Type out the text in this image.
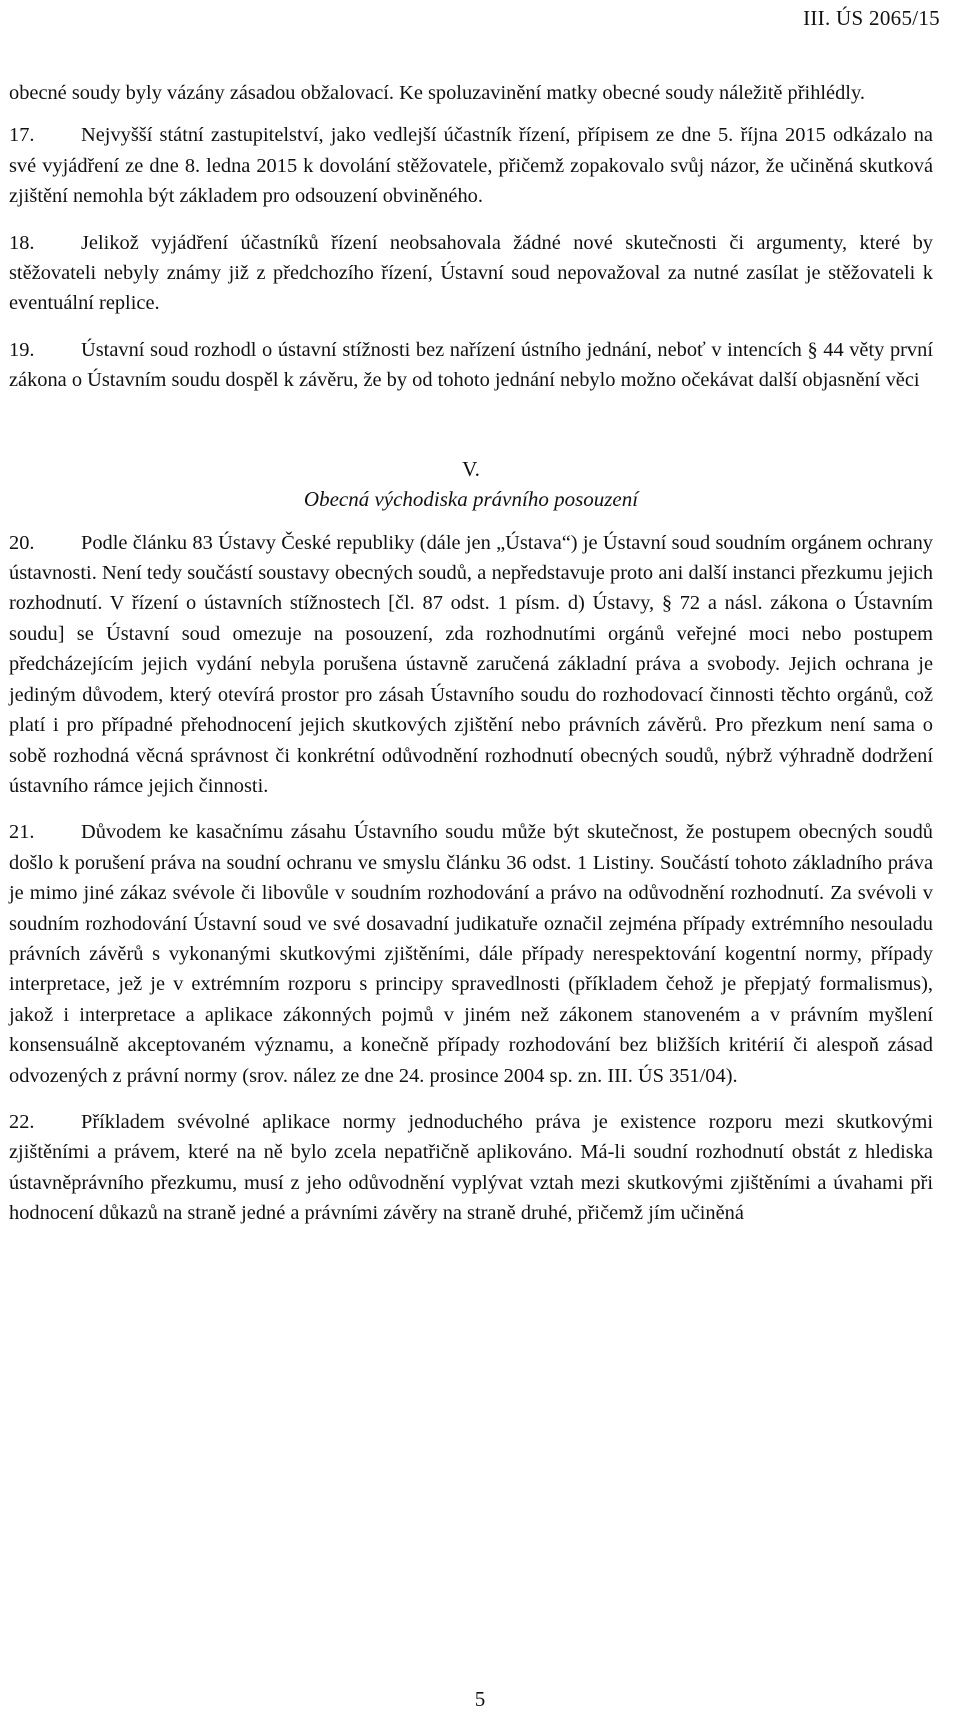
III. ÚS 2065/15

obecné soudy byly vázány zásadou obžalovací. Ke spoluzavinění matky obecné soudy náležitě přihlédly.

17. Nejvyšší státní zastupitelství, jako vedlejší účastník řízení, přípisem ze dne 5. října 2015 odkázalo na své vyjádření ze dne 8. ledna 2015 k dovolání stěžovatele, přičemž zopakovalo svůj názor, že učiněná skutková zjištění nemohla být základem pro odsouzení obviněného.

18. Jelikož vyjádření účastníků řízení neobsahovala žádné nové skutečnosti či argumenty, které by stěžovateli nebyly známy již z předchozího řízení, Ústavní soud nepovažoval za nutné zasílat je stěžovateli k eventuální replice.

19. Ústavní soud rozhodl o ústavní stížnosti bez nařízení ústního jednání, neboť v intencích § 44 věty první zákona o Ústavním soudu dospěl k závěru, že by od tohoto jednání nebylo možno očekávat další objasnění věci

V.
Obecná východiska právního posouzení

20. Podle článku 83 Ústavy České republiky (dále jen „Ústava“) je Ústavní soud soudním orgánem ochrany ústavnosti. Není tedy součástí soustavy obecných soudů, a nepředstavuje proto ani další instanci přezkumu jejich rozhodnutí. V řízení o ústavních stížnostech [čl. 87 odst. 1 písm. d) Ústavy, § 72 a násl. zákona o Ústavním soudu] se Ústavní soud omezuje na posouzení, zda rozhodnutími orgánů veřejné moci nebo postupem předcházejícím jejich vydání nebyla porušena ústavně zaručená základní práva a svobody. Jejich ochrana je jediným důvodem, který otevírá prostor pro zásah Ústavního soudu do rozhodovací činnosti těchto orgánů, což platí i pro případné přehodnocení jejich skutkových zjištění nebo právních závěrů. Pro přezkum není sama o sobě rozhodná věcná správnost či konkrétní odůvodnění rozhodnutí obecných soudů, nýbrž výhradně dodržení ústavního rámce jejich činnosti.

21. Důvodem ke kasačnímu zásahu Ústavního soudu může být skutečnost, že postupem obecných soudů došlo k porušení práva na soudní ochranu ve smyslu článku 36 odst. 1 Listiny. Součástí tohoto základního práva je mimo jiné zákaz svévole či libovůle v soudním rozhodování a právo na odůvodnění rozhodnutí. Za svévoli v soudním rozhodování Ústavní soud ve své dosavadní judikatuře označil zejména případy extrémního nesouladu právních závěrů s vykonanými skutkovými zjištěními, dále případy nerespektování kogentní normy, případy interpretace, jež je v extrémním rozporu s principy spravedlnosti (příkladem čehož je přepjatý formalismus), jakož i interpretace a aplikace zákonných pojmů v jiném než zákonem stanoveném a v právním myšlení konsensuálně akceptovaném významu, a konečně případy rozhodování bez bližších kritérií či alespoň zásad odvozených z právní normy (srov. nález ze dne 24. prosince 2004 sp. zn. III. ÚS 351/04).

22. Příkladem svévolné aplikace normy jednoduchého práva je existence rozporu mezi skutkovými zjištěními a právem, které na ně bylo zcela nepatřičně aplikováno. Má-li soudní rozhodnutí obstát z hlediska ústavněprávního přezkumu, musí z jeho odůvodnění vyplývat vztah mezi skutkovými zjištěními a úvahami při hodnocení důkazů na straně jedné a právními závěry na straně druhé, přičemž jím učiněná

5
